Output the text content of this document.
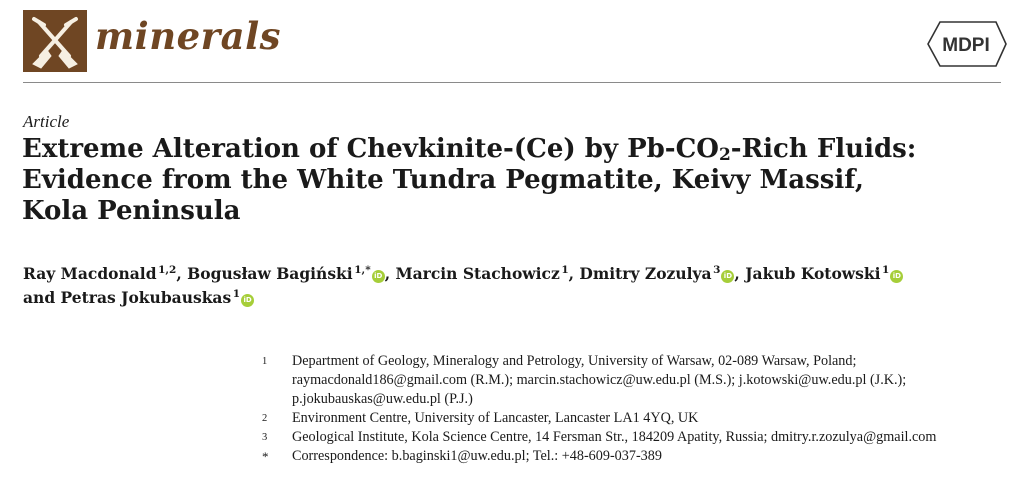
minerals	MDPI
Article
Extreme Alteration of Chevkinite-(Ce) by $Pb-CO_2$-Rich Fluids:
Evidence from the White Tundra Pegmatite, Keivy Massif,
Kola Peninsula
Ray Macdonald  $^{1,2}$, Bogusław Bagiński  $^{1,*}$ iD , Marcin Stachowicz  $^1$, Dmitry Zozulya  $^3$ iD , Jakub Kotowski  $^1$ iD
and Petras Jokubauskas  $^1$ iD
1 Department of Geology, Mineralogy and Petrology, University of Warsaw, 02-089 Warsaw, Poland;
raymacdonald186@gmail.com (R.M.); marcin.stachowicz@uw.edu.pl (M.S.); j.kotowski@uw.edu.pl (J.K.);
p.jokubauskas@uw.edu.pl (P.J.)
2 Environment Centre, University of Lancaster, Lancaster LA1 4YQ, UK
3 Geological Institute, Kola Science Centre, 14 Fersman Str., 184209 Apatity, Russia; dmitry.r.zozulya@gmail.com
* Correspondence: b.baginski1@uw.edu.pl; Tel.: +48-609-037-389
